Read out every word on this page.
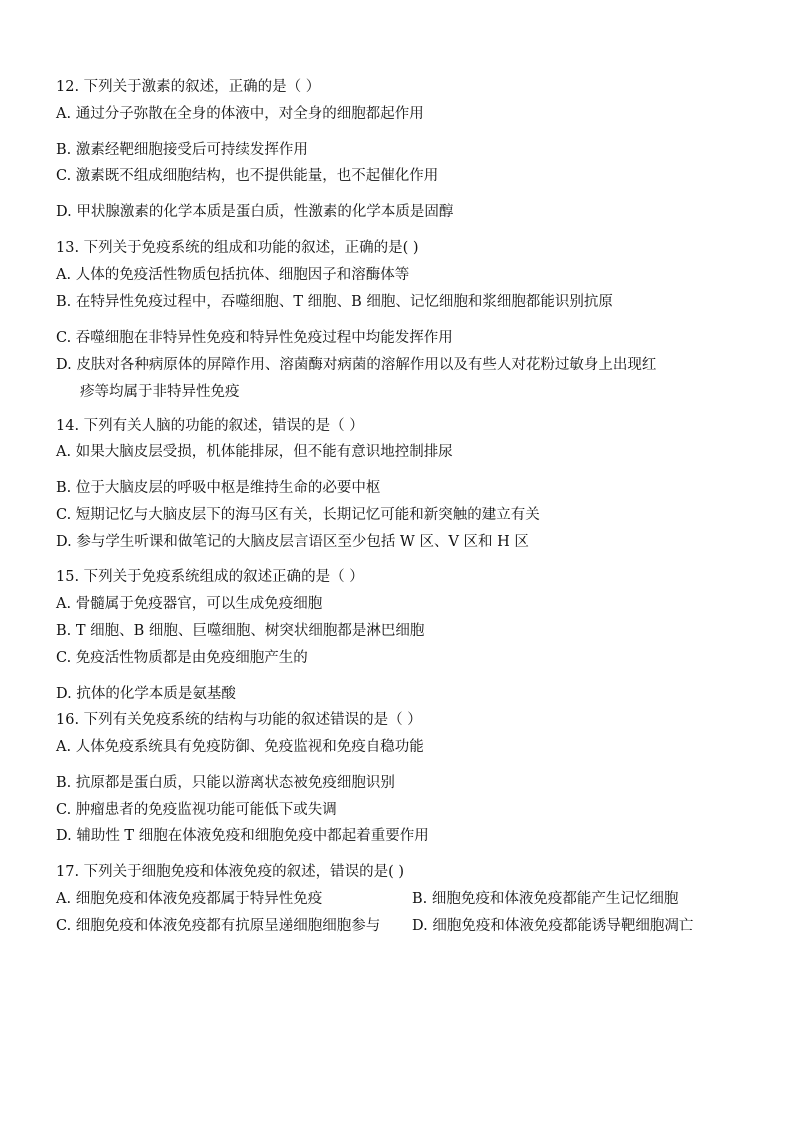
12. 下列关于激素的叙述，正确的是（ ）
A. 通过分子弥散在全身的体液中，对全身的细胞都起作用
B. 激素经靶细胞接受后可持续发挥作用
C. 激素既不组成细胞结构，也不提供能量，也不起催化作用
D. 甲状腺激素的化学本质是蛋白质，性激素的化学本质是固醇
13. 下列关于免疫系统的组成和功能的叙述，正确的是( )
A. 人体的免疫活性物质包括抗体、细胞因子和溶酶体等
B. 在特异性免疫过程中，吞噬细胞、T 细胞、B 细胞、记忆细胞和浆细胞都能识别抗原
C. 吞噬细胞在非特异性免疫和特异性免疫过程中均能发挥作用
D. 皮肤对各种病原体的屏障作用、溶菌酶对病菌的溶解作用以及有些人对花粉过敏身上出现红
疹等均属于非特异性免疫
14. 下列有关人脑的功能的叙述，错误的是（ ）
A. 如果大脑皮层受损，机体能排尿，但不能有意识地控制排尿
B. 位于大脑皮层的呼吸中枢是维持生命的必要中枢
C. 短期记忆与大脑皮层下的海马区有关，长期记忆可能和新突触的建立有关
D. 参与学生听课和做笔记的大脑皮层言语区至少包括 W 区、V 区和 H 区
15. 下列关于免疫系统组成的叙述正确的是（ ）
A. 骨髓属于免疫器官，可以生成免疫细胞
B. T 细胞、B 细胞、巨噬细胞、树突状细胞都是淋巴细胞
C. 免疫活性物质都是由免疫细胞产生的
D. 抗体的化学本质是氨基酸
16. 下列有关免疫系统的结构与功能的叙述错误的是（ ）
A. 人体免疫系统具有免疫防御、免疫监视和免疫自稳功能
B. 抗原都是蛋白质，只能以游离状态被免疫细胞识别
C. 肿瘤患者的免疫监视功能可能低下或失调
D. 辅助性 T 细胞在体液免疫和细胞免疫中都起着重要作用
17. 下列关于细胞免疫和体液免疫的叙述，错误的是( )
A. 细胞免疫和体液免疫都属于特异性免疫	B. 细胞免疫和体液免疫都能产生记忆细胞
C. 细胞免疫和体液免疫都有抗原呈递细胞细胞参与 D. 细胞免疫和体液免疫都能诱导靶细胞凋亡
